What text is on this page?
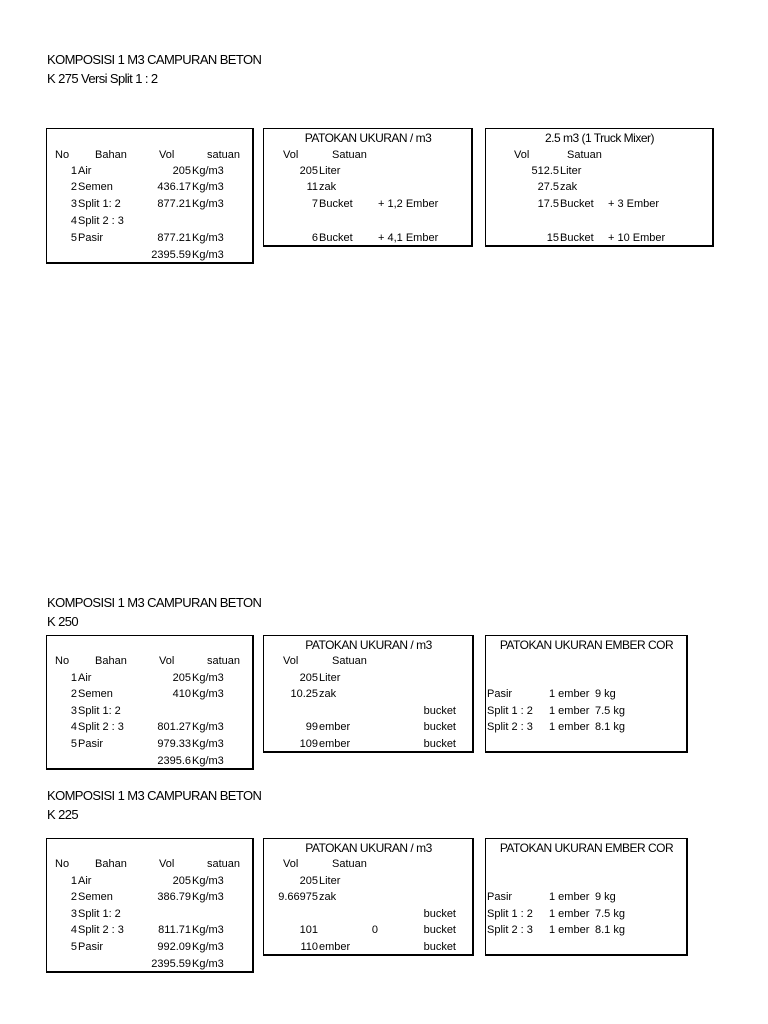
KOMPOSISI 1 M3 CAMPURAN BETON
K 275 Versi Split 1 : 2
No Bahan	Vol	satuan
1 Air	205 Kg/m3
2 Semen	436.17 Kg/m3
3 Split 1: 2	877.21 Kg/m3
4 Split 2 : 3
5 Pasir	877.21 Kg/m3
2395.59 Kg/m3
PATOKAN UKURAN / m3
Vol	Satuan
205 Liter
11 zak
7 Bucket + 1,2 Ember
6 Bucket + 4,1 Ember
2.5 m3 (1 Truck Mixer)
Vol	Satuan
512.5 Liter
27.5 zak
17.5 Bucket + 3 Ember
15 Bucket + 10 Ember
KOMPOSISI 1 M3 CAMPURAN BETON
K 250
No Bahan	Vol	satuan
1 Air	205 Kg/m3
2 Semen	410 Kg/m3
3 Split 1: 2
4 Split 2 : 3	801.27 Kg/m3
5 Pasir	979.33 Kg/m3
2395.6 Kg/m3
PATOKAN UKURAN / m3
Vol	Satuan
205 Liter
10.25 zak
bucket
99 ember	bucket
109 ember	bucket
PATOKAN UKURAN EMBER COR
Pasir	1 ember 9 kg
Split 1 : 2 1 ember 7.5 kg
Split 2 : 3 1 ember 8.1 kg
KOMPOSISI 1 M3 CAMPURAN BETON
K 225
No Bahan	Vol	satuan
1 Air	205 Kg/m3
2 Semen	386.79 Kg/m3
3 Split 1: 2
4 Split 2 : 3	811.71 Kg/m3
5 Pasir	992.09 Kg/m3
2395.59 Kg/m3
PATOKAN UKURAN / m3
Vol	Satuan
205 Liter
9.66975 zak
bucket
101	0	bucket
110 ember	bucket
PATOKAN UKURAN EMBER COR
Pasir	1 ember 9 kg
Split 1 : 2 1 ember 7.5 kg
Split 2 : 3 1 ember 8.1 kg
